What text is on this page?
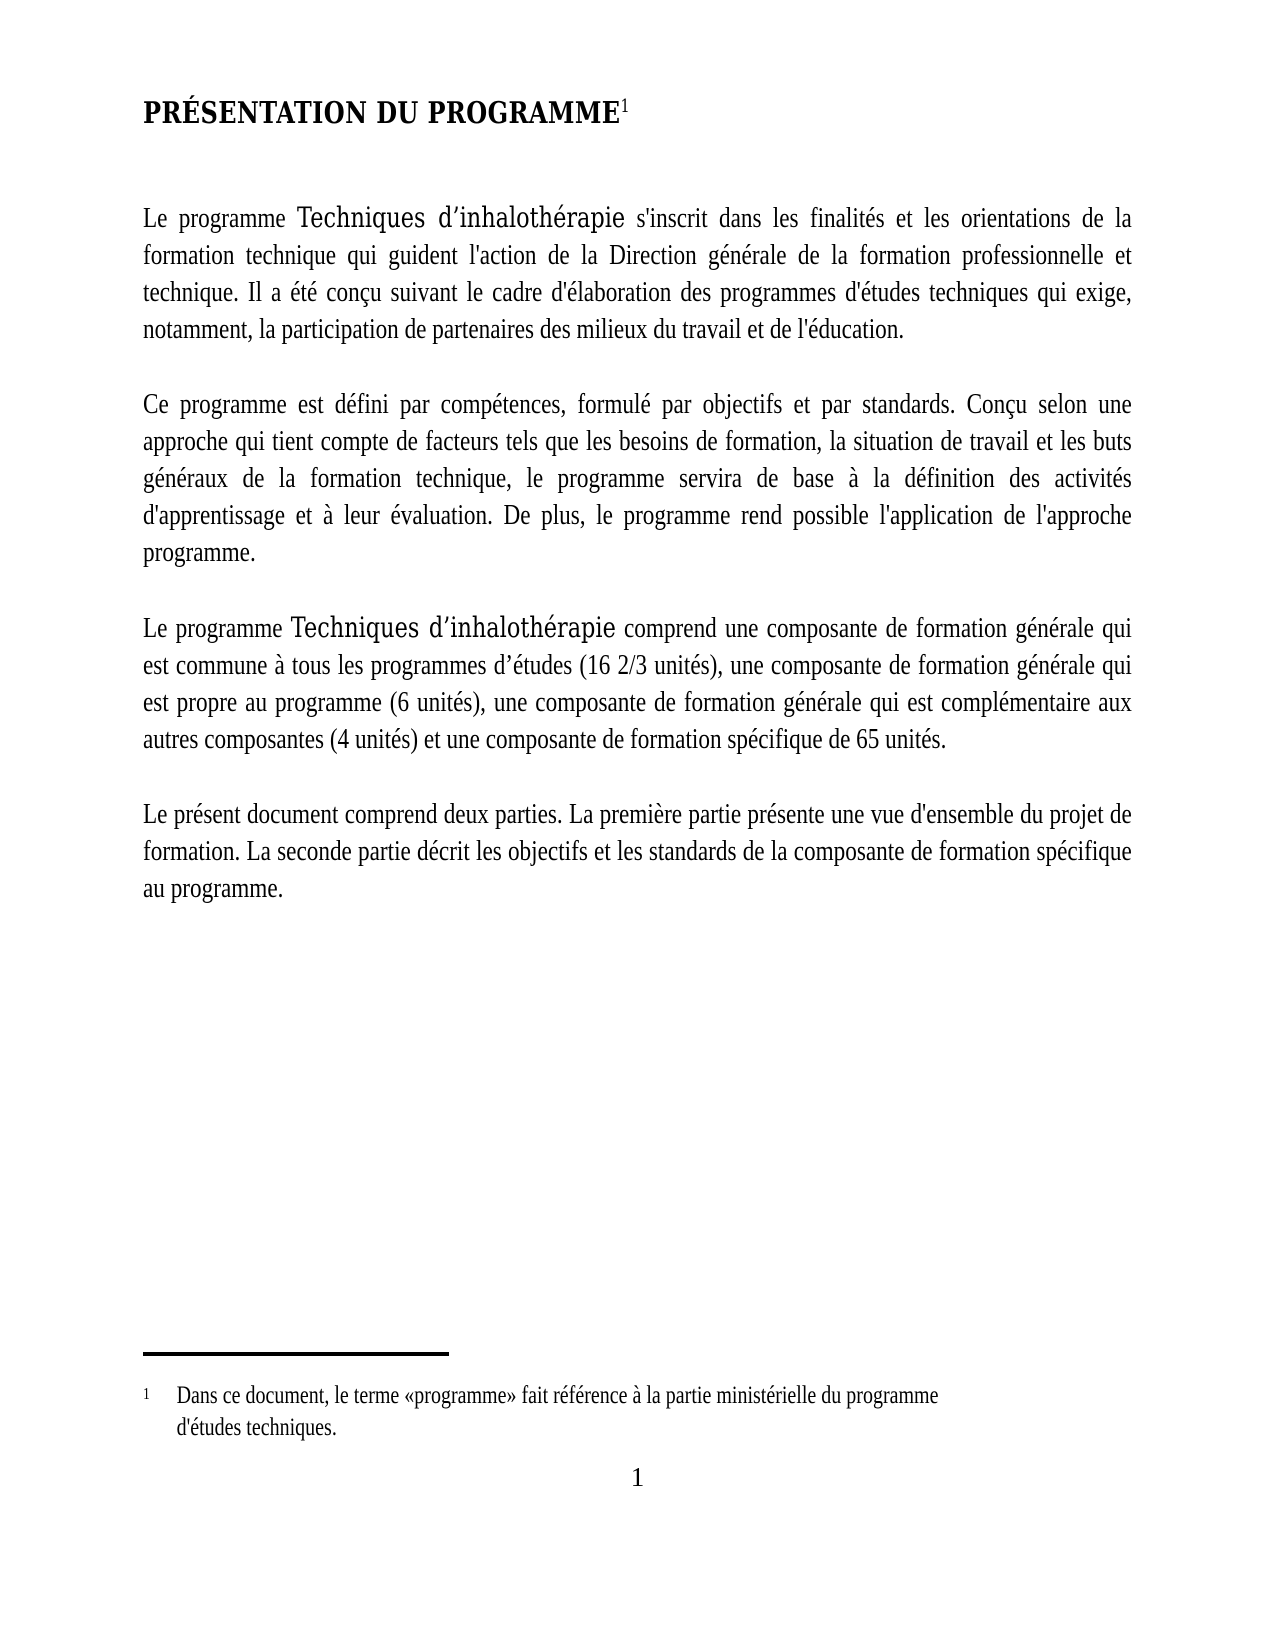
PRÉSENTATION DU PROGRAMME$^1$

Le programme Techniques d’inhalothérapie s'inscrit dans les finalités et les orientations de la formation technique qui guident l'action de la Direction générale de la formation professionnelle et technique. Il a été conçu suivant le cadre d'élaboration des programmes d'études techniques qui exige, notamment, la participation de partenaires des milieux du travail et de l'éducation.

Ce programme est défini par compétences, formulé par objectifs et par standards. Conçu selon une approche qui tient compte de facteurs tels que les besoins de formation, la situation de travail et les buts généraux de la formation technique, le programme servira de base à la définition des activités d'apprentissage et à leur évaluation. De plus, le programme rend possible l'application de l'approche programme.

Le programme Techniques d’inhalothérapie comprend une composante de formation générale qui est commune à tous les programmes d’études (16 2/3 unités), une composante de formation générale qui est propre au programme (6 unités), une composante de formation générale qui est complémentaire aux autres composantes (4 unités) et une composante de formation spécifique de 65 unités.

Le présent document comprend deux parties. La première partie présente une vue d'ensemble du projet de formation. La seconde partie décrit les objectifs et les standards de la composante de formation spécifique au programme.

1	Dans ce document, le terme «programme» fait référence à la partie ministérielle du programme d'études techniques.
1
